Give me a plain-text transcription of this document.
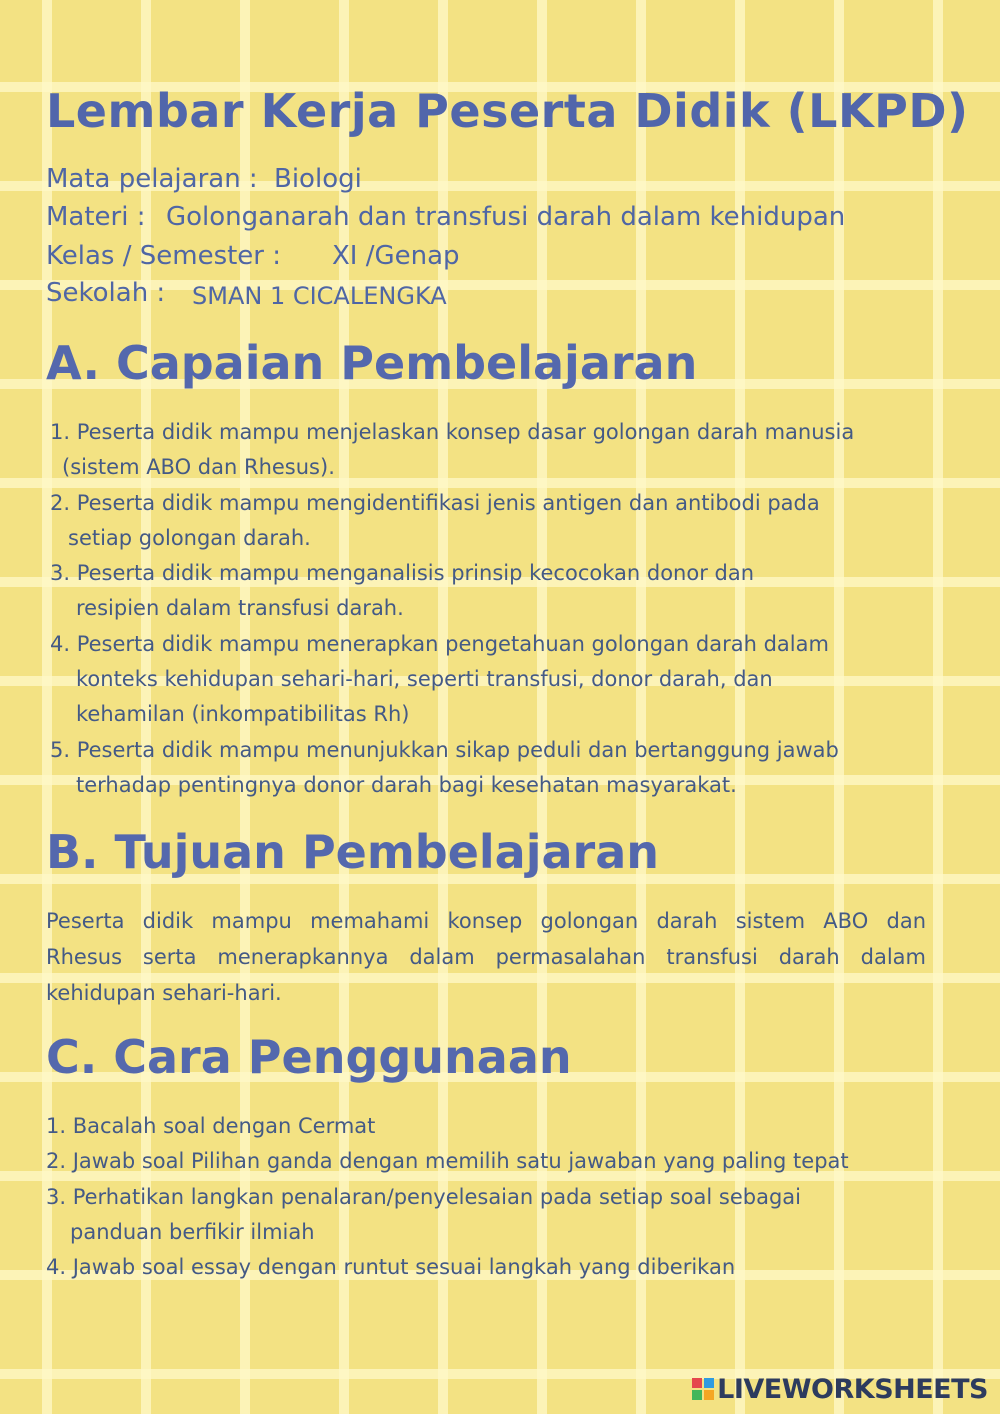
Lembar Kerja Peserta Didik (LKPD)
Mata pelajaran : Biologi
Materi : Golonganarah dan transfusi darah dalam kehidupan
Kelas / Semester : XI /Genap
Sekolah : SMAN 1 CICALENGKA
A. Capaian Pembelajaran
1. Peserta didik mampu menjelaskan konsep dasar golongan darah manusia
(sistem ABO dan Rhesus).
2. Peserta didik mampu mengidentifikasi jenis antigen dan antibodi pada
setiap golongan darah.
3. Peserta didik mampu menganalisis prinsip kecocokan donor dan
resipien dalam transfusi darah.
4. Peserta didik mampu menerapkan pengetahuan golongan darah dalam
konteks kehidupan sehari-hari, seperti transfusi, donor darah, dan
kehamilan (inkompatibilitas Rh)
5. Peserta didik mampu menunjukkan sikap peduli dan bertanggung jawab
terhadap pentingnya donor darah bagi kesehatan masyarakat.
B. Tujuan Pembelajaran
Peserta didik mampu memahami konsep golongan darah sistem ABO dan
Rhesus serta menerapkannya dalam permasalahan transfusi darah dalam
kehidupan sehari-hari.
C. Cara Penggunaan
1. Bacalah soal dengan Cermat
2. Jawab soal Pilihan ganda dengan memilih satu jawaban yang paling tepat
3. Perhatikan langkan penalaran/penyelesaian pada setiap soal sebagai
panduan berfikir ilmiah
4. Jawab soal essay dengan runtut sesuai langkah yang diberikan
LIVEWORKSHEETS
